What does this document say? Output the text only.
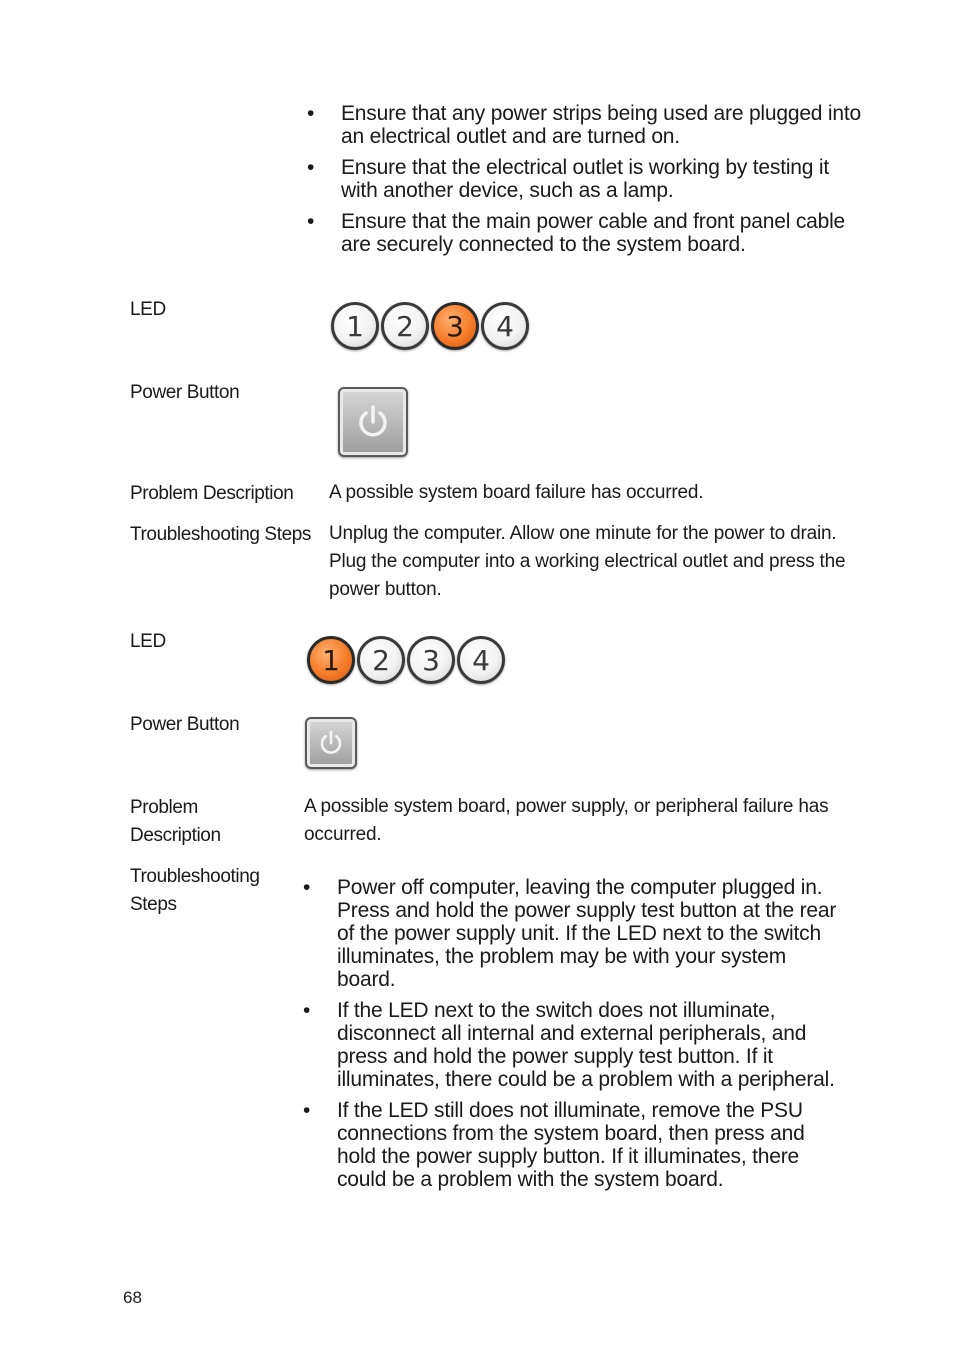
• Ensure that any power strips being used are plugged into an electrical outlet and are turned on.
• Ensure that the electrical outlet is working by testing it with another device, such as a lamp.
• Ensure that the main power cable and front panel cable are securely connected to the system board.
LED	1 2 3 4
Power Button
Problem Description A possible system board failure has occurred.
Troubleshooting Steps Unplug the computer. Allow one minute for the power to drain. Plug the computer into a working electrical outlet and press the power button.
LED
1 2 3 4
Power Button
Problem
Description
A possible system board, power supply, or peripheral failure has occurred.
Troubleshooting
Steps
• Power off computer, leaving the computer plugged in. Press and hold the power supply test button at the rear of the power supply unit. If the LED next to the switch illuminates, the problem may be with your system board.
• If the LED next to the switch does not illuminate, disconnect all internal and external peripherals, and press and hold the power supply test button. If it illuminates, there could be a problem with a peripheral.
• If the LED still does not illuminate, remove the PSU connections from the system board, then press and hold the power supply button. If it illuminates, there could be a problem with the system board.
68
